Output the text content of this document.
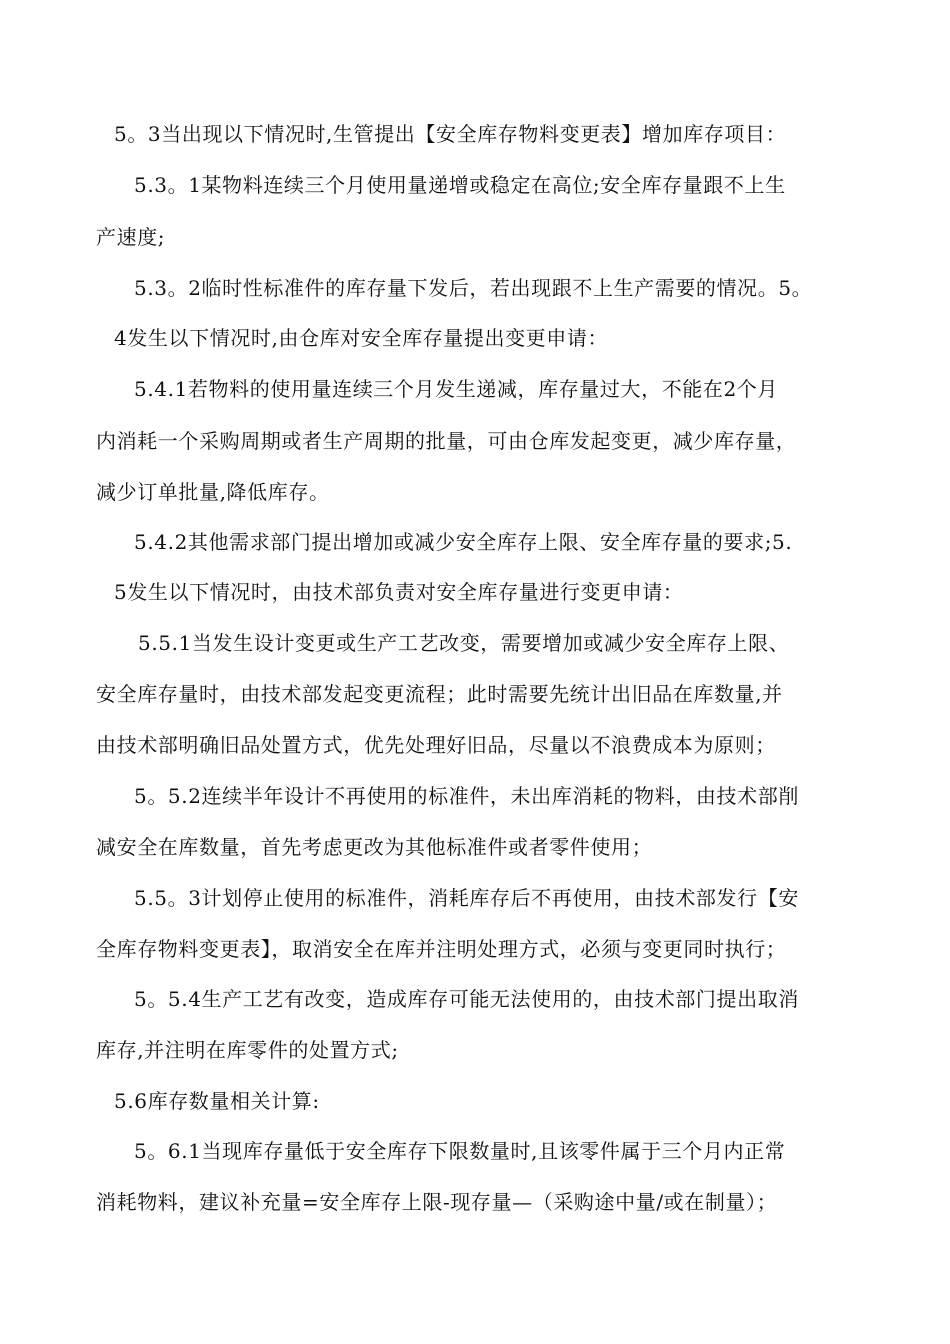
5。3当出现以下情况时,生管提出【安全库存物料变更表】增加库存项目：
5.3。1某物料连续三个月使用量递增或稳定在高位;安全库存量跟不上生
产速度;
5.3。2临时性标准件的库存量下发后，若出现跟不上生产需要的情况。5。
4发生以下情况时,由仓库对安全库存量提出变更申请：
5.4.1若物料的使用量连续三个月发生递减，库存量过大，不能在2个月
内消耗一个采购周期或者生产周期的批量，可由仓库发起变更，减少库存量，
减少订单批量,降低库存。
5.4.2其他需求部门提出增加或减少安全库存上限、安全库存量的要求;5.
5发生以下情况时，由技术部负责对安全库存量进行变更申请：
5.5.1当发生设计变更或生产工艺改变，需要增加或减少安全库存上限、
安全库存量时，由技术部发起变更流程；此时需要先统计出旧品在库数量,并
由技术部明确旧品处置方式，优先处理好旧品，尽量以不浪费成本为原则；
5。5.2连续半年设计不再使用的标准件，未出库消耗的物料，由技术部削
减安全在库数量，首先考虑更改为其他标准件或者零件使用；
5.5。3计划停止使用的标准件，消耗库存后不再使用，由技术部发行【安
全库存物料变更表】，取消安全在库并注明处理方式，必须与变更同时执行；
5。5.4生产工艺有改变，造成库存可能无法使用的，由技术部门提出取消
库存,并注明在库零件的处置方式;
5.6库存数量相关计算:
5。6.1当现库存量低于安全库存下限数量时,且该零件属于三个月内正常
消耗物料，建议补充量=安全库存上限-现存量—（采购途中量/或在制量）；
